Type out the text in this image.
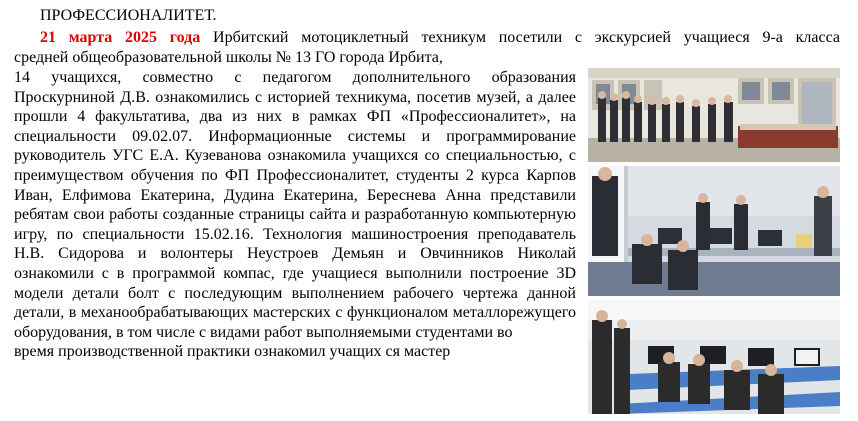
ПРОФЕССИОНАЛИТЕТ.
21 марта 2025 года Ирбитский мотоциклетный техникум посетили с экскурсией учащиеся 9-а класса
средней общеобразовательной школы № 13 ГО города Ирбита,
14 учащихся, совместно с педагогом дополнительного образования Проскурниной Д.В. ознакомились с историей техникума, посетив музей, а далее прошли 4 факультатива, два из них в рамках ФП «Профессионалитет», на специальности 09.02.07. Информационные системы и программирование руководитель УГС Е.А. Кузеванова ознакомила учащихся со специальностью, с преимуществом обучения по ФП Профессионалитет, студенты 2 курса Карпов Иван, Елфимова Екатерина, Дудина Екатерина, Береснева Анна представили ребятам свои работы созданные страницы сайта и разработанную компьютерную игру, по специальности 15.02.16. Технология машиностроения преподаватель Н.В. Сидорова и волонтеры Неустроев Демьян и Овчинников Николай ознакомили с в программой компас, где учащиеся выполнили построение 3D модели детали болт с последующим выполнением рабочего чертежа данной детали, в механообрабатывающих мастерских с функционалом металлорежущего оборудования, в том числе с видами работ выполняемыми студентами во
время производственной практики ознакомил учащих ся мастер
